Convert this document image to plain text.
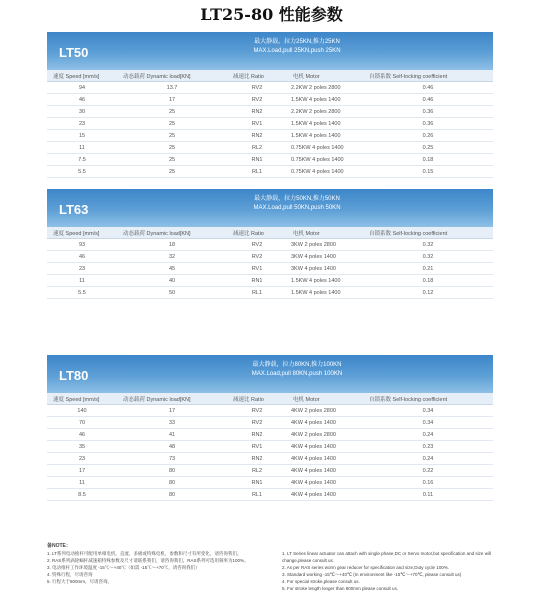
LT25-80 性能参数
LT50
最大静载，拉力25KN,推力25KN
MAX.Load,pull 25KN,push 25KN
速度 Speed [mm/s]	动态载荷 Dynamic load[KN]	减速比 Ratio	电机 Motor	自锁系数 Self-locking coefficient
94	13.7	RV2	2.2KW 2 poles 2800	0.46
46	17	RV2	1.5KW 4 poles 1400	0.46
30	25	RN2	2.2KW 2 poles 2800	0.36
23	25	RV1	1.5KW 4 poles 1400	0.36
15	25	RN2	1.5KW 4 poles 1400	0.26
11	25	RL2	0.75KW 4 poles 1400	0.25
7.5	25	RN1	0.75KW 4 poles 1400	0.18
5.5	25	RL1	0.75KW 4 poles 1400	0.15
LT63
最大静载，拉力50KN,推力50KN
MAX.Load,pull 50KN,push 50KN
速度 Speed [mm/s]	动态载荷 Dynamic load[KN]	减速比 Ratio	电机 Motor	自锁系数 Self-locking coefficient
93	18	RV2	3KW 2 poles 2800	0.32
46	32	RV2	3KW 4 poles 1400	0.32
23	45	RV1	3KW 4 poles 1400	0.21
11	40	RN1	1.5KW 4 poles 1400	0.18
5.5	50	RL1	1.5KW 4 poles 1400	0.12
LT80
最大静载，拉力80KN,推力100KN
MAX.Load,pull 80KN,push 100KN
速度 Speed [mm/s]	动态载荷 Dynamic load[KN]	减速比 Ratio	电机 Motor	自锁系数 Self-locking coefficient
140	17	RV2	4KW 2 poles 2800	0.34
70	33	RV2	4KW 4 poles 1400	0.34
46	41	RN2	4KW 2 poles 2800	0.24
35	48	RV1	4KW 4 poles 1400	0.23
23	73	RN2	4KW 4 poles 1400	0.24
17	80	RL2	4KW 4 poles 1400	0.22
11	80	RN1	4KW 4 poles 1400	0.16
8.5	80	RL1	4KW 4 poles 1400	0.11
备NOTE：
1. LT系列电动推杆可配用单相电机，直流、多极或特殊电机，参数和尺寸有所变化，请咨询我们。
2. RAS系列涡轮蜗杆减速箱特殊参数及尺寸请联系我们，请咨询我们，RAS系列可选用频率为100%。
3. 电动推杆工作环境温度 -15℃～+40℃（如需 -15℃～+70℃，请咨询我们）
4. 特殊行程，尽请咨询
5. 行程大于800mm，尽请咨询。
1. LT Series linear actuator can attach with single phase,DC or Servo motor,but specification and size will change,please consult us.
2. As per RAS series worm gear reducer for specification and size,Duty cycle 100%.
3. Standard working -15℃～+40℃ (In environment like -15℃～+70℃, please consult us)
4. For special stroke,please consult us.
5. For stroke length longer than 800mm please consult us.
